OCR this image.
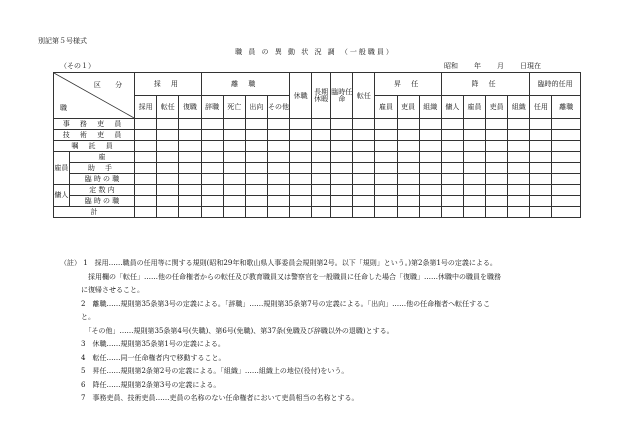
別記第５号様式
職 員 の 異 動 状 況 調 （一般職員）
（その１）	昭和 年 月 日現在
区 分
職		採 用			離 職				休職	長期休暇	臨時任命	転任	昇 任			降 任				臨時的任用	
		採用	転任	復職	辞職	死亡	出向	その他					雇員	吏員	組織	傭人	雇員	吏員	組織	任用	離職
事 務 吏 員																					
技 術 吏 員																					
嘱 託 員																					
雇員	雇																				
	助 手																				
	臨 時 の 職																				
傭人	定 数 内																				
	臨 時 の 職																				
計																					
（註） 1　採用……職員の任用等に関する規則(昭和29年和歌山県人事委員会規則第2号。以下「規則」という。)第2条第1号の定義による。
　　　　採用欄の「転任」……他の任命権者からの転任及び教育職員又は警察官を一般職員に任命した場合「復職」……休職中の職員を職務
　　　に復帰させること。
　　　2　離職……規則第35条第3号の定義による。「辞職」……規則第35条第7号の定義による。「出向」……他の任命権者へ転任するこ
　　　と。
　　　　「その他」……規則第35条第4号(失職)、第6号(免職)、第37条(免職及び辞職以外の退職)とする。
　　　3　休職……規則第35条第1号の定義による。
　　　4　転任……同一任命権者内で移動すること。
　　　5　昇任……規則第2条第2号の定義による。「組織」……組織上の地位(役付)をいう。
　　　6　降任……規則第2条第3号の定義による。
　　　7　事務吏員、技術吏員……吏員の名称のない任命権者において吏員相当の名称とする。
